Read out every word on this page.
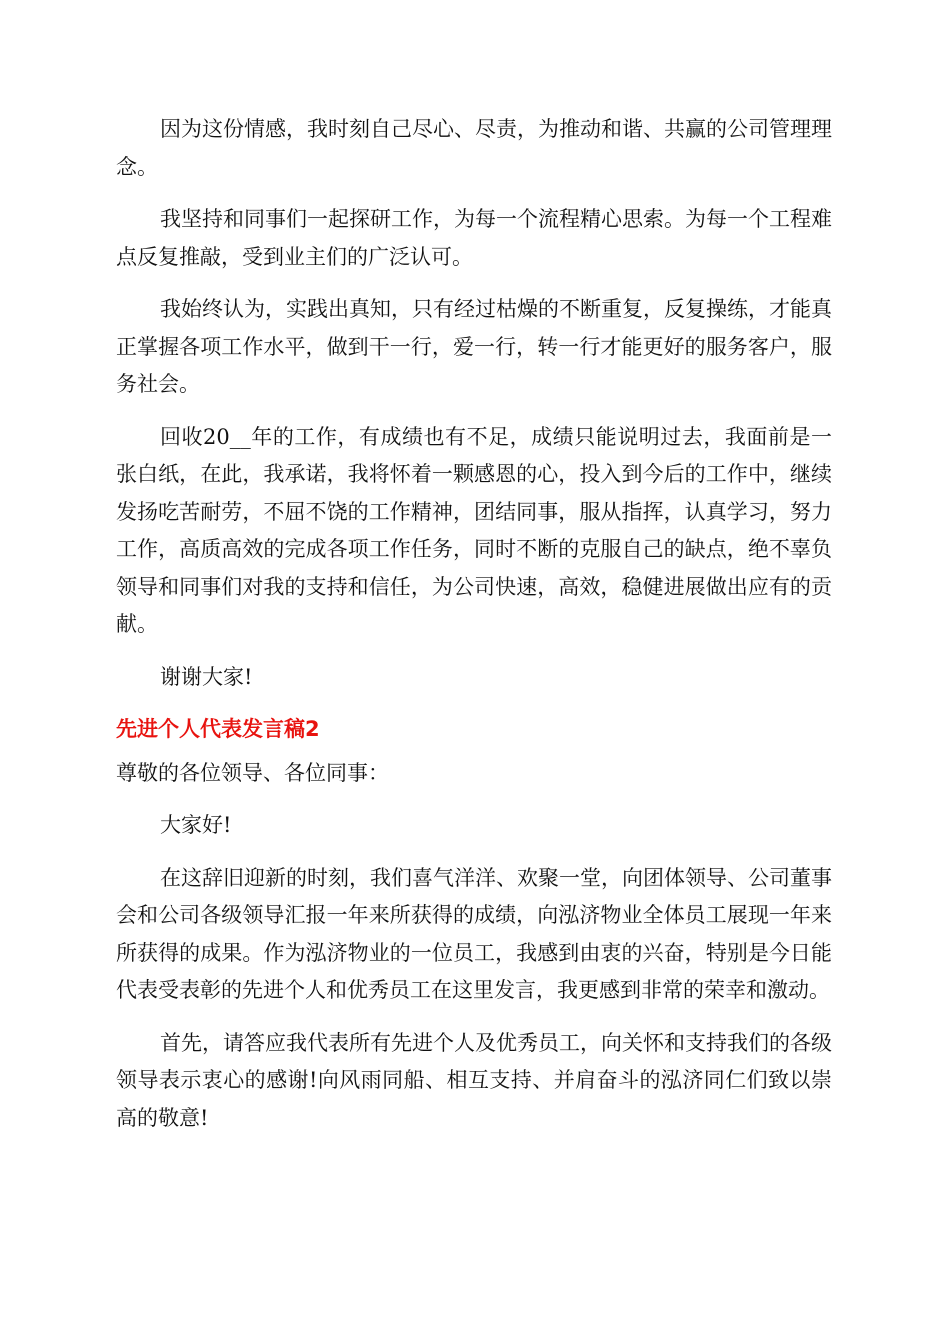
因为这份情感，我时刻自己尽心、尽责，为推动和谐、共赢的公司管理理念。

我坚持和同事们一起探研工作，为每一个流程精心思索。为每一个工程难点反复推敲，受到业主们的广泛认可。

我始终认为，实践出真知，只有经过枯燥的不断重复，反复操练，才能真正掌握各项工作水平，做到干一行，爱一行，转一行才能更好的服务客户，服务社会。

回收20__年的工作，有成绩也有不足，成绩只能说明过去，我面前是一张白纸，在此，我承诺，我将怀着一颗感恩的心，投入到今后的工作中，继续发扬吃苦耐劳，不屈不饶的工作精神，团结同事，服从指挥，认真学习，努力工作，高质高效的完成各项工作任务，同时不断的克服自己的缺点，绝不辜负领导和同事们对我的支持和信任，为公司快速，高效，稳健进展做出应有的贡献。

谢谢大家!

先进个人代表发言稿2

尊敬的各位领导、各位同事：

大家好!

在这辞旧迎新的时刻，我们喜气洋洋、欢聚一堂，向团体领导、公司董事会和公司各级领导汇报一年来所获得的成绩，向泓济物业全体员工展现一年来所获得的成果。作为泓济物业的一位员工，我感到由衷的兴奋，特别是今日能代表受表彰的先进个人和优秀员工在这里发言，我更感到非常的荣幸和激动。

首先，请答应我代表所有先进个人及优秀员工，向关怀和支持我们的各级领导表示衷心的感谢!向风雨同船、相互支持、并肩奋斗的泓济同仁们致以崇高的敬意!
